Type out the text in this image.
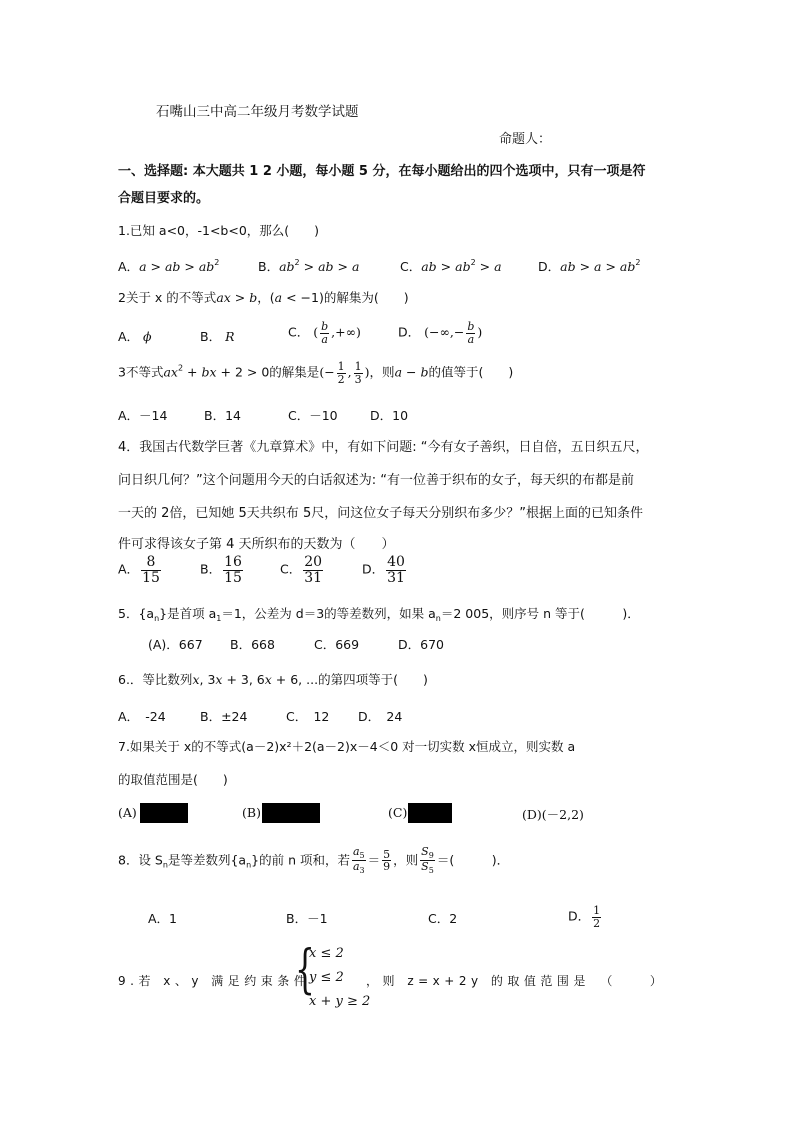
石嘴山三中高二年级月考数学试题
命题人：
一、选择题: 本大题共 1 2 小题，每小题 5 分，在每小题给出的四个选项中，只有一项是符
合题目要求的。
1.已知 a<0，-1<b<0，那么(　　)
A．a > ab > $ab^2$	B．$ab^2$ > ab > a	C．ab > $ab^2 > a$	D．ab > $a > ab^2$
2关于 x 的不等式ax > b，(a < −1)的解集为(　　)
A． ϕ	B． R	C． ( $\frac{b}{a}$ ,+∞)	D． (−∞,− $\frac{b}{a}$ )
3不等式$ax^2$ + bx + 2 > 0的解集是(− $\frac{1}{2}$ , $\frac{1}{3}$ )，则a − b的值等于(　　)
A．－14	B．14	C．－10	D．10
4．我国古代数学巨著《九章算术》中，有如下问题: “今有女子善织，日自倍，五日织五尺，
问日织几何？”这个问题用今天的白话叙述为: “有一位善于织布的女子，每天织的布都是前
一天的 2倍，已知她 5天共织布 5尺，问这位女子每天分别织布多少？”根据上面的已知条件
件可求得该女子第 4 天所织布的天数为（　　）
A． $\frac{8}{15}$	B． $\frac{16}{15}$	C． $\frac{20}{31}$	D． $\frac{40}{31}$
5．$\{a_n\}$是首项 $a_1=1$，公差为 d＝3的等差数列，如果 $a_n=2$ 005，则序号 n 等于(　　　)．
(A)．667 B．668	C．669	D．670
6.．等比数列x, 3x + 3, 6x + 6, ...的第四项等于(　　)
A．　-24	B．±24	C．　12 D．　24
7.如果关于 x的不等式(a－2)x²＋2(a－2)x－4＜0 对一切实数 x恒成立，则实数 a
的取值范围是(　　)
(A)	(B)	(C)	(D)(－2,2)
8．设 $S_n$是等差数列$\{a_n\}$的前 n 项和，若 $\frac{a_5}{a_3} = \frac{5}{9}$ ，则 $\frac{S_9}{S_5}$ ＝(　　　)．
A．1	B．－1	C．2	D． $\frac{1}{2}$
9.若 x、y 满足约束条件
{
x ≤ 2
y ≤ 2
x + y ≥ 2
，则 z=x+2y 的取值范围是　（　　）
